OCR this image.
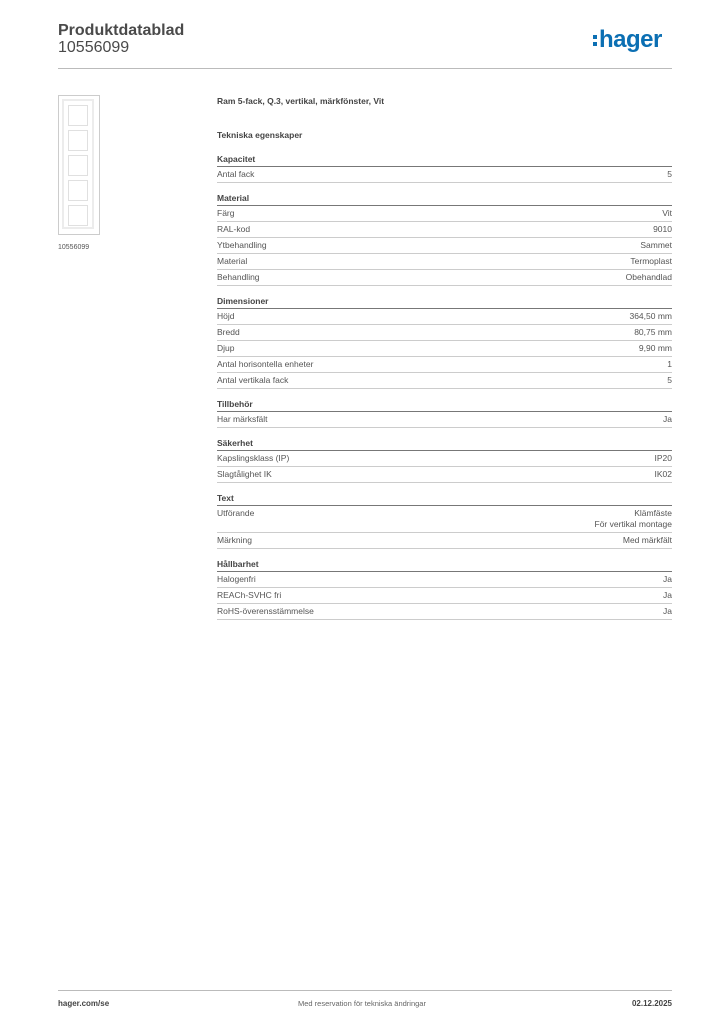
Produktdatablad
10556099	hager
10556099
Ram 5-fack, Q.3, vertikal, märkfönster, Vit
Tekniska egenskaper
Kapacitet
Antal fack	5
Material
Färg	Vit
RAL-kod	9010
Ytbehandling	Sammet
Material	Termoplast
Behandling	Obehandlad
Dimensioner
Höjd	364,50 mm
Bredd	80,75 mm
Djup	9,90 mm
Antal horisontella enheter	1
Antal vertikala fack	5
Tillbehör
Har märksfält	Ja
Säkerhet
Kapslingsklass (IP)	IP20
Slagtålighet IK	IK02
Text
Utförande	Klämfäste
För vertikal montage
Märkning	Med märkfält
Hållbarhet
Halogenfri	Ja
REACh-SVHC fri	Ja
RoHS-överensstämmelse	Ja
hager.com/se	Med reservation för tekniska ändringar	02.12.2025
